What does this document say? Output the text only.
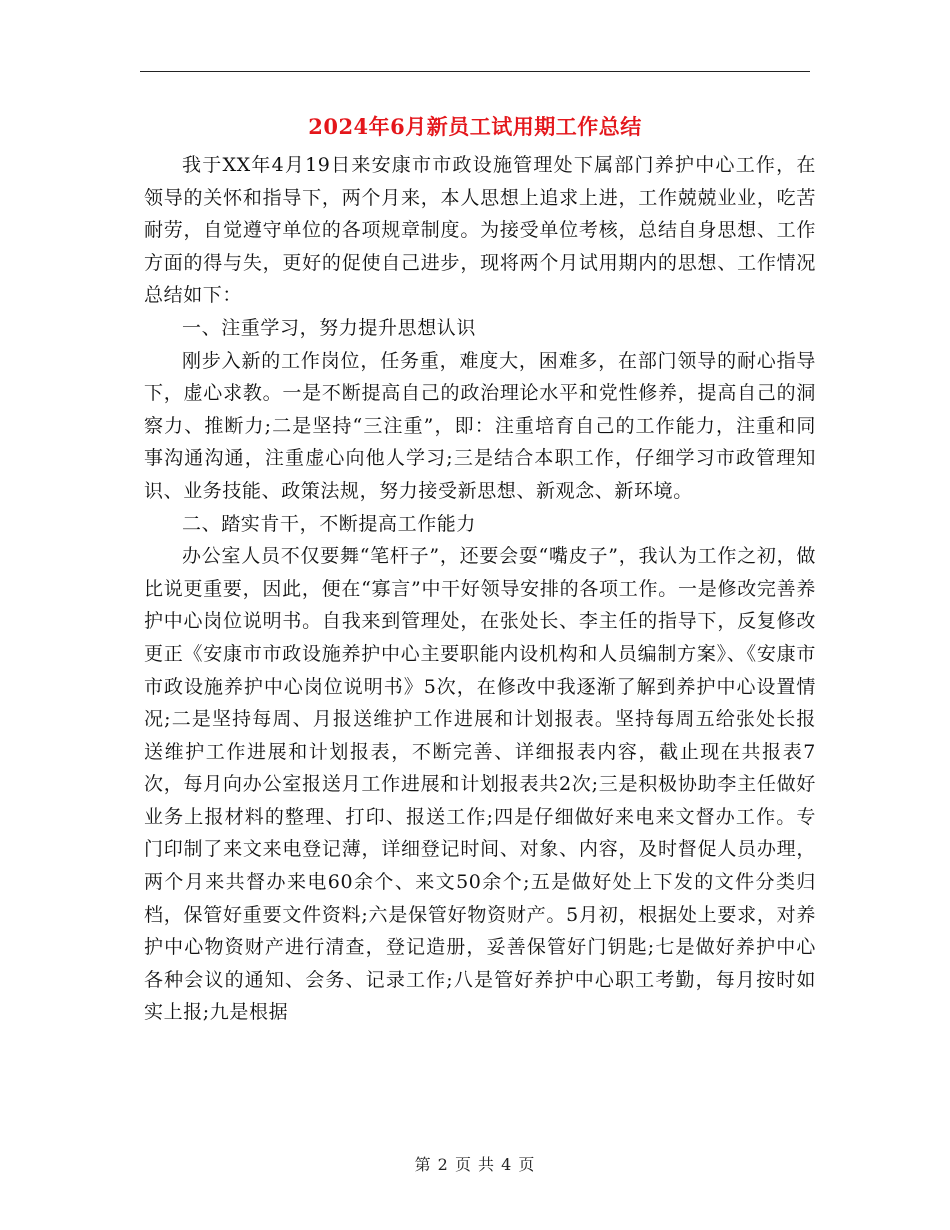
2024年6月新员工试用期工作总结

我于XX年4月19日来安康市市政设施管理处下属部门养护中心工作，在领导的关怀和指导下，两个月来，本人思想上追求上进，工作兢兢业业，吃苦耐劳，自觉遵守单位的各项规章制度。为接受单位考核，总结自身思想、工作方面的得与失，更好的促使自己进步，现将两个月试用期内的思想、工作情况总结如下：

一、注重学习，努力提升思想认识

刚步入新的工作岗位，任务重，难度大，困难多，在部门领导的耐心指导下，虚心求教。一是不断提高自己的政治理论水平和党性修养，提高自己的洞察力、推断力;二是坚持“三注重”，即：注重培育自己的工作能力，注重和同事沟通沟通，注重虚心向他人学习;三是结合本职工作，仔细学习市政管理知识、业务技能、政策法规，努力接受新思想、新观念、新环境。

二、踏实肯干，不断提高工作能力

办公室人员不仅要舞“笔杆子”，还要会耍“嘴皮子”，我认为工作之初，做比说更重要，因此，便在“寡言”中干好领导安排的各项工作。一是修改完善养护中心岗位说明书。自我来到管理处，在张处长、李主任的指导下，反复修改更正《安康市市政设施养护中心主要职能内设机构和人员编制方案》、《安康市市政设施养护中心岗位说明书》5次，在修改中我逐渐了解到养护中心设置情况;二是坚持每周、月报送维护工作进展和计划报表。坚持每周五给张处长报送维护工作进展和计划报表，不断完善、详细报表内容，截止现在共报表7次，每月向办公室报送月工作进展和计划报表共2次;三是积极协助李主任做好业务上报材料的整理、打印、报送工作;四是仔细做好来电来文督办工作。专门印制了来文来电登记薄，详细登记时间、对象、内容，及时督促人员办理，两个月来共督办来电60余个、来文50余个;五是做好处上下发的文件分类归档，保管好重要文件资料;六是保管好物资财产。5月初，根据处上要求，对养护中心物资财产进行清查，登记造册，妥善保管好门钥匙;七是做好养护中心各种会议的通知、会务、记录工作;八是管好养护中心职工考勤，每月按时如实上报;九是根据

第 2 页 共 4 页
